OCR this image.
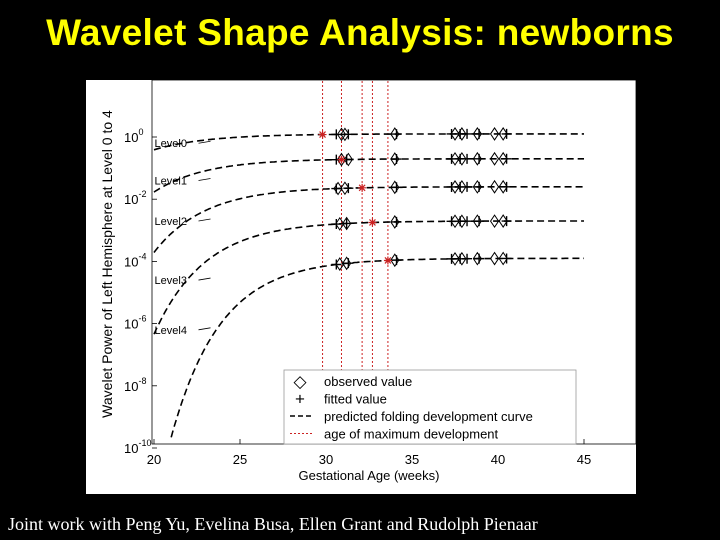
Wavelet Shape Analysis: newborns
20	25	30	35	40	45
$10^0$
$10^{-2}$
$10^{-4}$
$10^{-6}$
$10^{-8}$
$10^{-10}$
Level0
Level1
Level2
Level3
Level4
◇ observed value
+ fitted value
predicted folding development curve
age of maximum development
Wavelet Power of Left Hemisphere at Level 0 to 4
Gestational Age (weeks)
Joint work with Peng Yu, Evelina Busa, Ellen Grant and Rudolph Pienaar
